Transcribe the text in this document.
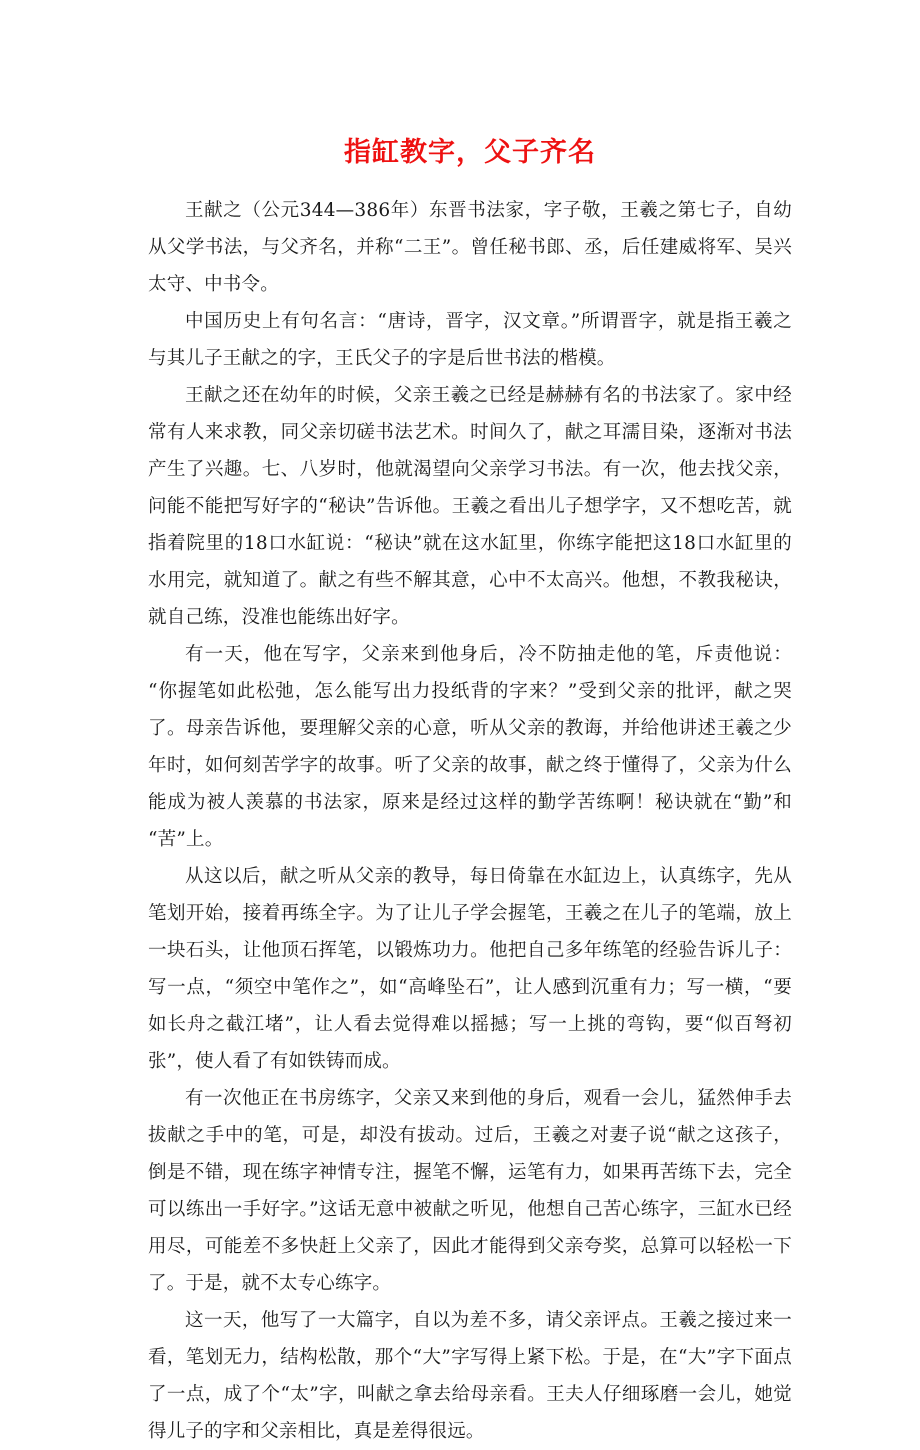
指缸教字，父子齐名

王献之（公元344—386年）东晋书法家，字子敬，王羲之第七子，自幼从父学书法，与父齐名，并称“二王”。曾任秘书郎、丞，后任建威将军、吴兴太守、中书令。

中国历史上有句名言：“唐诗，晋字，汉文章。”所谓晋字，就是指王羲之与其儿子王献之的字，王氏父子的字是后世书法的楷模。

王献之还在幼年的时候，父亲王羲之已经是赫赫有名的书法家了。家中经常有人来求教，同父亲切磋书法艺术。时间久了，献之耳濡目染，逐渐对书法产生了兴趣。七、八岁时，他就渴望向父亲学习书法。有一次，他去找父亲，问能不能把写好字的“秘诀”告诉他。王羲之看出儿子想学字，又不想吃苦，就指着院里的18口水缸说：“秘诀”就在这水缸里，你练字能把这18口水缸里的水用完，就知道了。献之有些不解其意，心中不太高兴。他想，不教我秘诀，就自己练，没准也能练出好字。

有一天，他在写字，父亲来到他身后，冷不防抽走他的笔，斥责他说：“你握笔如此松弛，怎么能写出力投纸背的字来？”受到父亲的批评，献之哭了。母亲告诉他，要理解父亲的心意，听从父亲的教诲，并给他讲述王羲之少年时，如何刻苦学字的故事。听了父亲的故事，献之终于懂得了，父亲为什么能成为被人羡慕的书法家，原来是经过这样的勤学苦练啊！秘诀就在“勤”和“苦”上。

从这以后，献之听从父亲的教导，每日倚靠在水缸边上，认真练字，先从笔划开始，接着再练全字。为了让儿子学会握笔，王羲之在儿子的笔端，放上一块石头，让他顶石挥笔，以锻炼功力。他把自己多年练笔的经验告诉儿子：写一点，“须空中笔作之”，如“高峰坠石”，让人感到沉重有力；写一横，“要如长舟之截江堵”，让人看去觉得难以摇撼；写一上挑的弯钩，要“似百弩初张”，使人看了有如铁铸而成。

有一次他正在书房练字，父亲又来到他的身后，观看一会儿，猛然伸手去拔献之手中的笔，可是，却没有拔动。过后，王羲之对妻子说“献之这孩子，倒是不错，现在练字神情专注，握笔不懈，运笔有力，如果再苦练下去，完全可以练出一手好字。”这话无意中被献之听见，他想自己苦心练字，三缸水已经用尽，可能差不多快赶上父亲了，因此才能得到父亲夸奖，总算可以轻松一下了。于是，就不太专心练字。

这一天，他写了一大篇字，自以为差不多，请父亲评点。王羲之接过来一看，笔划无力，结构松散，那个“大”字写得上紧下松。于是，在“大”字下面点了一点，成了个“太”字，叫献之拿去给母亲看。王夫人仔细琢磨一会儿，她觉得儿子的字和父亲相比，真是差得很远。
